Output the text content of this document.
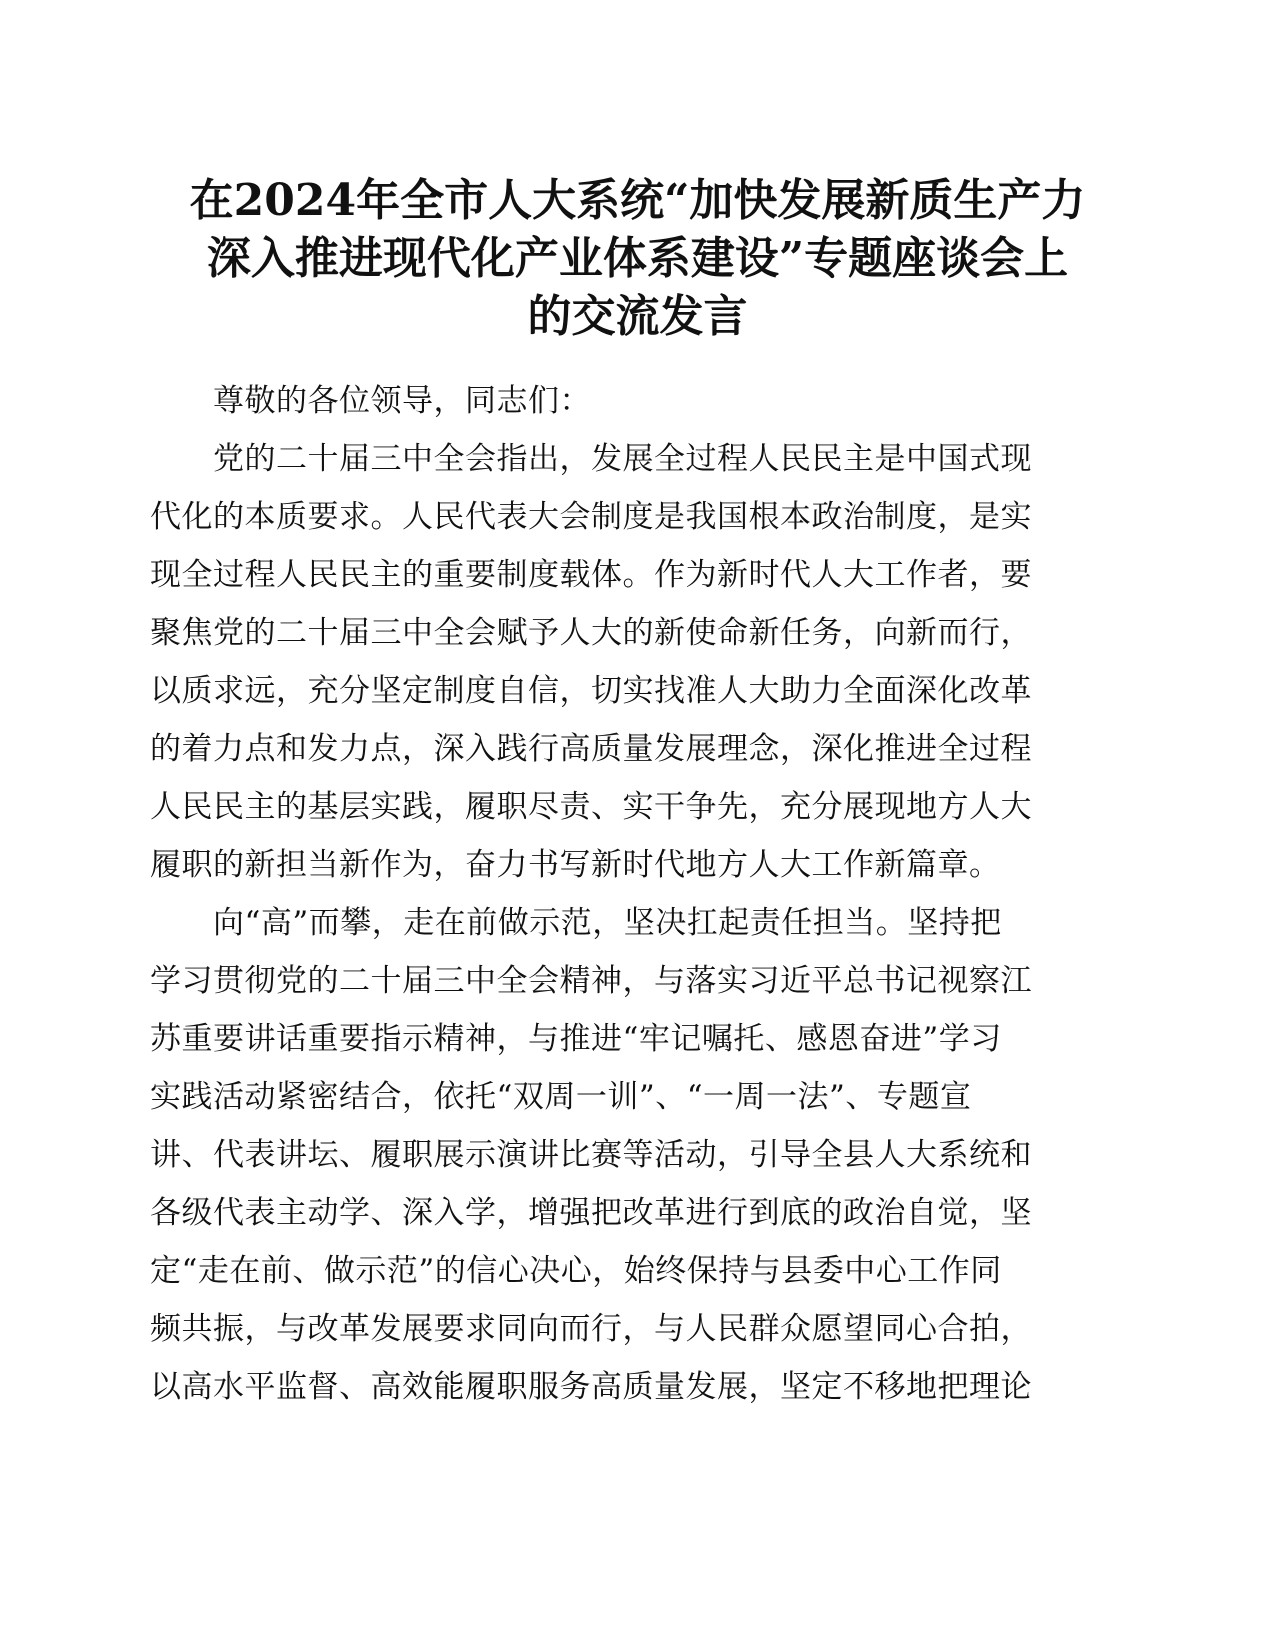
在2024年全市人大系统“加快发展新质生产力
深入推进现代化产业体系建设”专题座谈会上
的交流发言
尊敬的各位领导，同志们：
党的二十届三中全会指出，发展全过程人民民主是中国式现
代化的本质要求。人民代表大会制度是我国根本政治制度，是实
现全过程人民民主的重要制度载体。作为新时代人大工作者，要
聚焦党的二十届三中全会赋予人大的新使命新任务，向新而行，
以质求远，充分坚定制度自信，切实找准人大助力全面深化改革
的着力点和发力点，深入践行高质量发展理念，深化推进全过程
人民民主的基层实践，履职尽责、实干争先，充分展现地方人大
履职的新担当新作为，奋力书写新时代地方人大工作新篇章。
向“高”而攀，走在前做示范，坚决扛起责任担当。坚持把
学习贯彻党的二十届三中全会精神，与落实习近平总书记视察江
苏重要讲话重要指示精神，与推进“牢记嘱托、感恩奋进”学习
实践活动紧密结合，依托“双周一训”、“一周一法”、专题宣
讲、代表讲坛、履职展示演讲比赛等活动，引导全县人大系统和
各级代表主动学、深入学，增强把改革进行到底的政治自觉，坚
定“走在前、做示范”的信心决心，始终保持与县委中心工作同
频共振，与改革发展要求同向而行，与人民群众愿望同心合拍，
以高水平监督、高效能履职服务高质量发展，坚定不移地把理论
